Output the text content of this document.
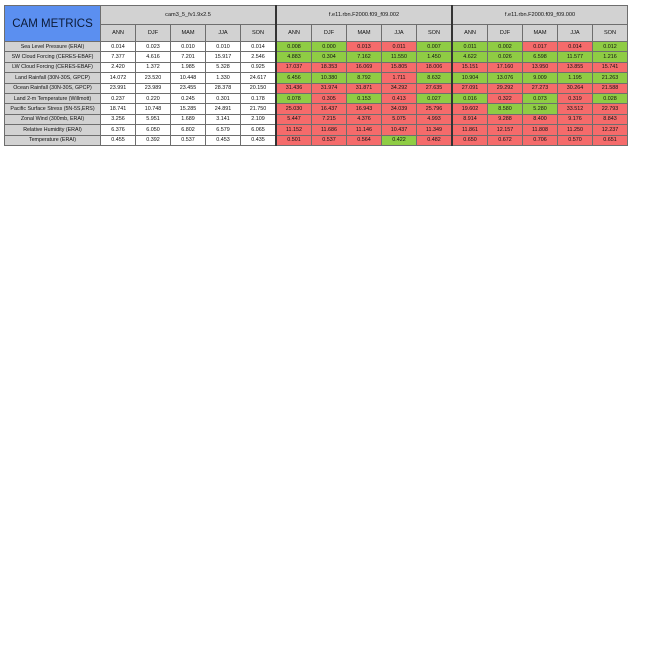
CAM METRICS	cam3_5_fv1.9x2.5					f.e11.rbn.F2000.f09_f09.002					f.e11.rbn.F2000.f09_f09.000				
	ANN	DJF	MAM	JJA	SON	ANN	DJF	MAM	JJA	SON	ANN	DJF	MAM	JJA	SON
Sea Level Pressure (ERAI)	0.014	0.023	0.010	0.010	0.014	0.008	0.000	0.013	0.011	0.007	0.011	0.002	0.017	0.014	0.012
SW Cloud Forcing (CERES-EBAF)	7.377	4.616	7.201	15.917	2.546	4.883	0.304	7.162	11.550	1.450	4.622	0.026	6.598	11.577	1.216
LW Cloud Forcing (CERES-EBAF)	2.420	1.372	1.985	5.328	0.925	17.037	18.353	16.069	15.805	18.006	15.151	17.160	13.950	13.855	15.741
Land Rainfall (30N-30S, GPCP)	14.072	23.520	10.448	1.330	24.617	6.456	10.380	8.792	1.711	8.632	10.904	13.076	9.009	1.195	21.263
Ocean Rainfall (30N-30S, GPCP)	23.991	23.989	23.455	28.378	20.150	31.436	31.974	31.871	34.292	27.635	27.091	29.292	27.273	30.264	21.588
Land 2-m Temperature (Willmott)	0.237	0.220	0.245	0.301	0.178	0.078	0.305	0.153	0.413	0.027	0.016	0.322	0.073	0.319	0.028
Pacific Surface Stress (5N-5S,ERS)	18.741	10.748	15.285	24.891	21.750	25.030	16.437	16.943	34.039	25.796	19.602	8.580	5.280	33.512	22.793
Zonal Wind (300mb, ERAI)	3.256	5.951	1.689	3.141	2.109	5.447	7.215	4.376	5.075	4.993	8.914	9.288	8.400	9.176	8.843
Relative Humidity (ERAI)	6.376	6.050	6.802	6.579	6.065	11.152	11.686	11.146	10.437	11.349	11.861	12.157	11.808	11.250	12.237
Temperature (ERAI)	0.455	0.392	0.537	0.453	0.435	0.501	0.537	0.564	0.422	0.482	0.650	0.672	0.706	0.570	0.651
